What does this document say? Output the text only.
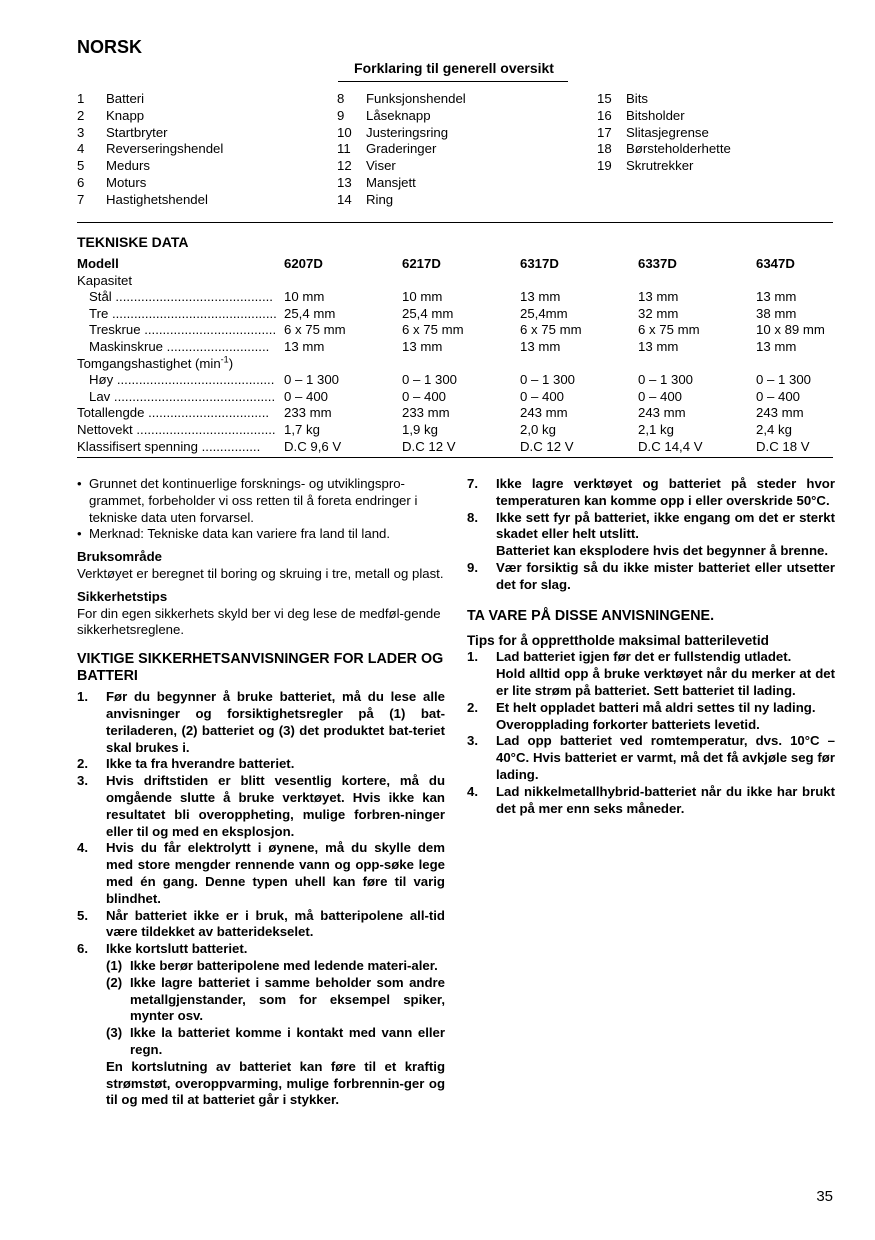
NORSK
Forklaring til generell oversikt
1 Batteri
2 Knapp
3 Startbryter
4 Reverseringshendel
5 Medurs
6 Moturs
7 Hastighetshendel
8 Funksjonshendel
9 Låseknapp
10 Justeringsring
11 Graderinger
12 Viser
13 Mansjett
14 Ring
15 Bits
16 Bitsholder
17 Slitasjegrense
18 Børsteholderhette
19 Skrutrekker
TEKNISKE DATA
Modell	6207D	6217D	6317D	6337D	6347D
Kapasitet
Stål ........................................... 10 mm	10 mm	13 mm	13 mm	13 mm
Tre ............................................. 25,4 mm	25,4 mm	25,4mm	32 mm	38 mm
Treskrue .................................... 6 x 75 mm	6 x 75 mm	6 x 75 mm	6 x 75 mm	10 x 89 mm
Maskinskrue ............................	13 mm	13 mm	13 mm	13 mm	13 mm
Tomgangshastighet $(\min^{-1})$
Høy ........................................... 0 – 1 300	0 – 1 300	0 – 1 300	0 – 1 300	0 – 1 300
Lav ............................................ 0 – 400	0 – 400	0 – 400	0 – 400	0 – 400
Totallengde .................................	233 mm	233 mm	243 mm	243 mm	243 mm
Nettovekt ...................................... 1,7 kg	1,9 kg	2,0 kg	2,1 kg	2,4 kg
Klassifisert spenning ................	D.C 9,6 V	D.C 12 V	D.C 12 V	D.C 14,4 V	D.C 18 V
• Grunnet det kontinuerlige forsknings- og utviklingspro-grammet, forbeholder vi oss retten til å foreta endringer i tekniske data uten forvarsel.
• Merknad: Tekniske data kan variere fra land til land.

Bruksområde

Verktøyet er beregnet til boring og skruing i tre, metall og plast.

Sikkerhetstips

For din egen sikkerhets skyld ber vi deg lese de medføl-gende sikkerhetsreglene.

VIKTIGE SIKKERHETSANVISNINGER FOR LADER OG BATTERI

1. Før du begynner å bruke batteriet, må du lese alle anvisninger og forsiktighetsregler på (1) bat-teriladeren, (2) batteriet og (3) det produktet bat-teriet skal brukes i.
2. Ikke ta fra hverandre batteriet.
3. Hvis driftstiden er blitt vesentlig kortere, må du omgående slutte å bruke verktøyet. Hvis ikke kan resultatet bli overoppheting, mulige forbren-ninger eller til og med en eksplosjon.
4. Hvis du får elektrolytt i øynene, må du skylle dem med store mengder rennende vann og opp-søke lege med én gang. Denne typen uhell kan føre til varig blindhet.
5. Når batteriet ikke er i bruk, må batteripolene all-tid være tildekket av batteridekselet.
6. Ikke kortslutt batteriet.
(1) Ikke berør batteripolene med ledende materi-aler.
(2) Ikke lagre batteriet i samme beholder som andre metallgjenstander, som for eksempel spiker, mynter osv.
(3) Ikke la batteriet komme i kontakt med vann eller regn.

En kortslutning av batteriet kan føre til et kraftig strømstøt, overoppvarming, mulige forbrennin-ger og til og med til at batteriet går i stykker.

7. Ikke lagre verktøyet og batteriet på steder hvor temperaturen kan komme opp i eller overskride 50°C.
8. Ikke sett fyr på batteriet, ikke engang om det er sterkt skadet eller helt utslitt.

Batteriet kan eksplodere hvis det begynner å brenne.

9. Vær forsiktig så du ikke mister batteriet eller utsetter det for slag.

TA VARE PÅ DISSE ANVISNINGENE.

Tips for å opprettholde maksimal batterilevetid

1. Lad batteriet igjen før det er fullstendig utladet.

Hold alltid opp å bruke verktøyet når du merker at det er lite strøm på batteriet. Sett batteriet til lading.

2. Et helt oppladet batteri må aldri settes til ny lading.

Overopplading forkorter batteriets levetid.

3. Lad opp batteriet ved romtemperatur, dvs. 10°C – 40°C. Hvis batteriet er varmt, må det få avkjøle seg før lading.
4. Lad nikkelmetallhybrid-batteriet når du ikke har brukt det på mer enn seks måneder.
35
